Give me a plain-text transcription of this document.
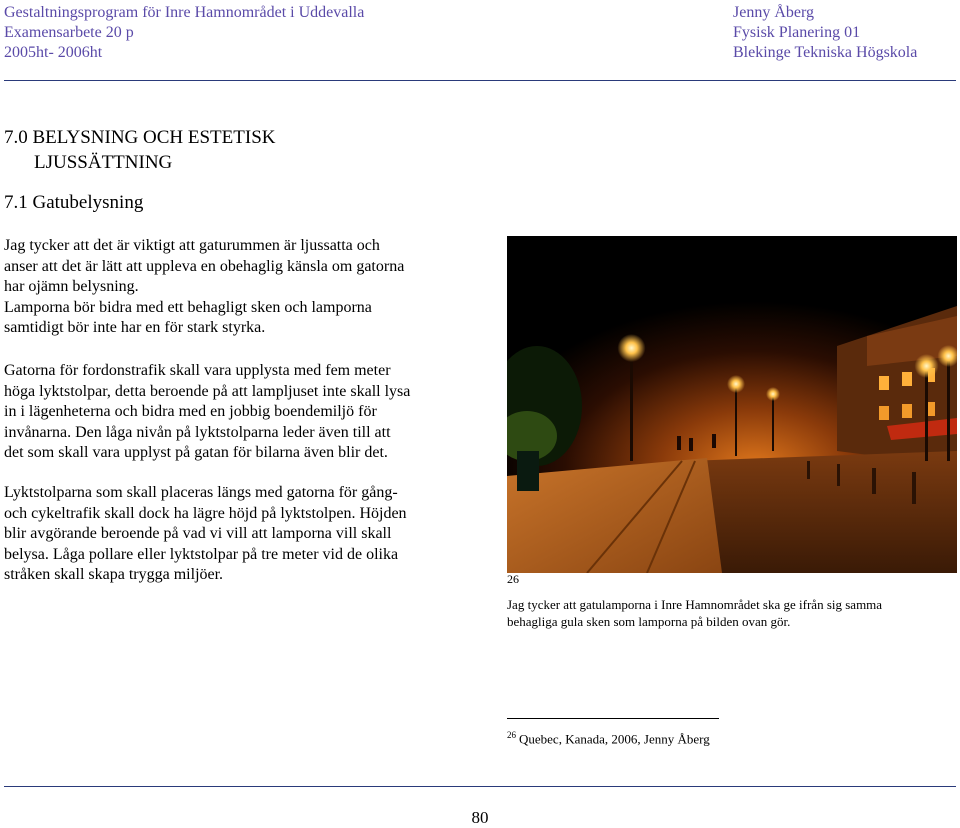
Gestaltningsprogram för Inre Hamnområdet i Uddevalla
Examensarbete 20 p
2005ht- 2006ht
Jenny Åberg
Fysisk Planering 01
Blekinge Tekniska Högskola
7.0 BELYSNING OCH ESTETISK
LJUSSÄTTNING
7.1 Gatubelysning
Jag tycker att det är viktigt att gaturummen är ljussatta och
anser att det är lätt att uppleva en obehaglig känsla om gatorna
har ojämn belysning.
Lamporna bör bidra med ett behagligt sken och lamporna
samtidigt bör inte har en för stark styrka.
Gatorna för fordonstrafik skall vara upplysta med fem meter
höga lyktstolpar, detta beroende på att lampljuset inte skall lysa
in i lägenheterna och bidra med en jobbig boendemiljö för
invånarna. Den låga nivån på lyktstolparna leder även till att
det som skall vara upplyst på gatan för bilarna även blir det.
Lyktstolparna som skall placeras längs med gatorna för gång-
och cykeltrafik skall dock ha lägre höjd på lyktstolpen. Höjden
blir avgörande beroende på vad vi vill att lamporna vill skall
belysa. Låga pollare eller lyktstolpar på tre meter vid de olika
stråken skall skapa trygga miljöer.	26
Jag tycker att gatulamporna i Inre Hamnområdet ska ge ifrån sig samma
behagliga gula sken som lamporna på bilden ovan gör.
$^{26}$ Quebec, Kanada, 2006, Jenny Åberg
80
